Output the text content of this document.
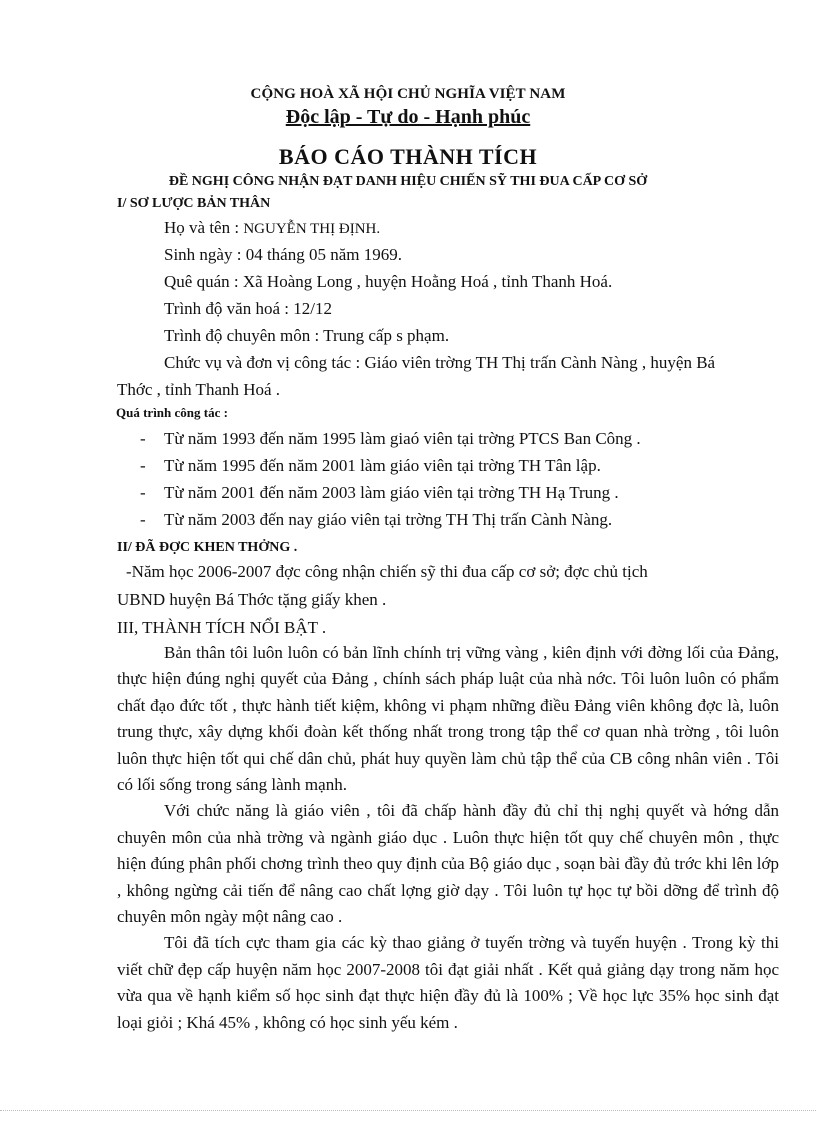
CỘNG HOÀ XÃ HỘI CHỦ NGHĨA VIỆT NAM
Độc lập - Tự do - Hạnh phúc
BÁO CÁO THÀNH TÍCH
ĐỀ NGHỊ CÔNG NHẬN ĐẠT DANH HIỆU CHIẾN SỸ THI ĐUA CẤP CƠ SỞ
I/ SƠ LƯỢC BẢN THÂN
Họ và tên : NGUYỄN THỊ ĐỊNH.
Sinh ngày : 04 tháng 05 năm 1969.
Quê quán : Xã Hoàng Long , huyện Hoằng Hoá , tỉnh Thanh Hoá.
Trình độ văn hoá : 12/12
Trình độ chuyên môn : Trung cấp s phạm.
Chức vụ và đơn vị công tác : Giáo viên trờng TH Thị trấn Cành Nàng , huyện Bá
Thớc , tỉnh Thanh Hoá .
Quá trình công tác :
- Từ năm 1993 đến năm 1995 làm giaó viên tại trờng PTCS Ban Công .
- Từ năm 1995 đến năm 2001 làm giáo viên tại trờng TH Tân lập.
- Từ năm 2001 đến năm 2003 làm giáo viên tại trờng TH Hạ Trung .
- Từ năm 2003 đến nay giáo viên tại trờng TH Thị trấn Cành Nàng.
II/ ĐÃ ĐỢC KHEN THỞNG .
-Năm học 2006-2007 đợc công nhận chiến sỹ thi đua cấp cơ sở; đợc chủ tịch
UBND huyện Bá Thớc tặng giấy khen .
III, THÀNH TÍCH NỔI BẬT .

Bản thân tôi luôn luôn có bản lĩnh chính trị vững vàng , kiên định với đờng lối của Đảng, thực hiện đúng nghị quyết của Đảng , chính sách pháp luật của nhà nớc. Tôi luôn luôn có phẩm chất đạo đức tốt , thực hành tiết kiệm, không vi phạm những điều Đảng viên không đợc là, luôn trung thực, xây dựng khối đoàn kết thống nhất trong trong tập thể cơ quan nhà trờng , tôi luôn luôn thực hiện tốt qui chế dân chủ, phát huy quyền làm chủ tập thể của CB công nhân viên . Tôi có lối sống trong sáng lành mạnh.

Với chức năng là giáo viên , tôi đã chấp hành đầy đủ chỉ thị nghị quyết và hớng dẫn chuyên môn của nhà trờng và ngành giáo dục . Luôn thực hiện tốt quy chế chuyên môn , thực hiện đúng phân phối chơng trình theo quy định của Bộ giáo dục , soạn bài đầy đủ trớc khi lên lớp , không ngừng cải tiến để nâng cao chất lợng giờ dạy . Tôi luôn tự học tự bồi dỡng để trình độ chuyên môn ngày một nâng cao .

Tôi đã tích cực tham gia các kỳ thao giảng ở tuyến trờng và tuyến huyện . Trong kỳ thi viết chữ đẹp cấp huyện năm học 2007-2008 tôi đạt giải nhất . Kết quả giảng dạy trong năm học vừa qua về hạnh kiểm số học sinh đạt thực hiện đầy đủ là 100% ; Về học lực 35% học sinh đạt loại giỏi ; Khá 45% , không có học sinh yếu kém .
